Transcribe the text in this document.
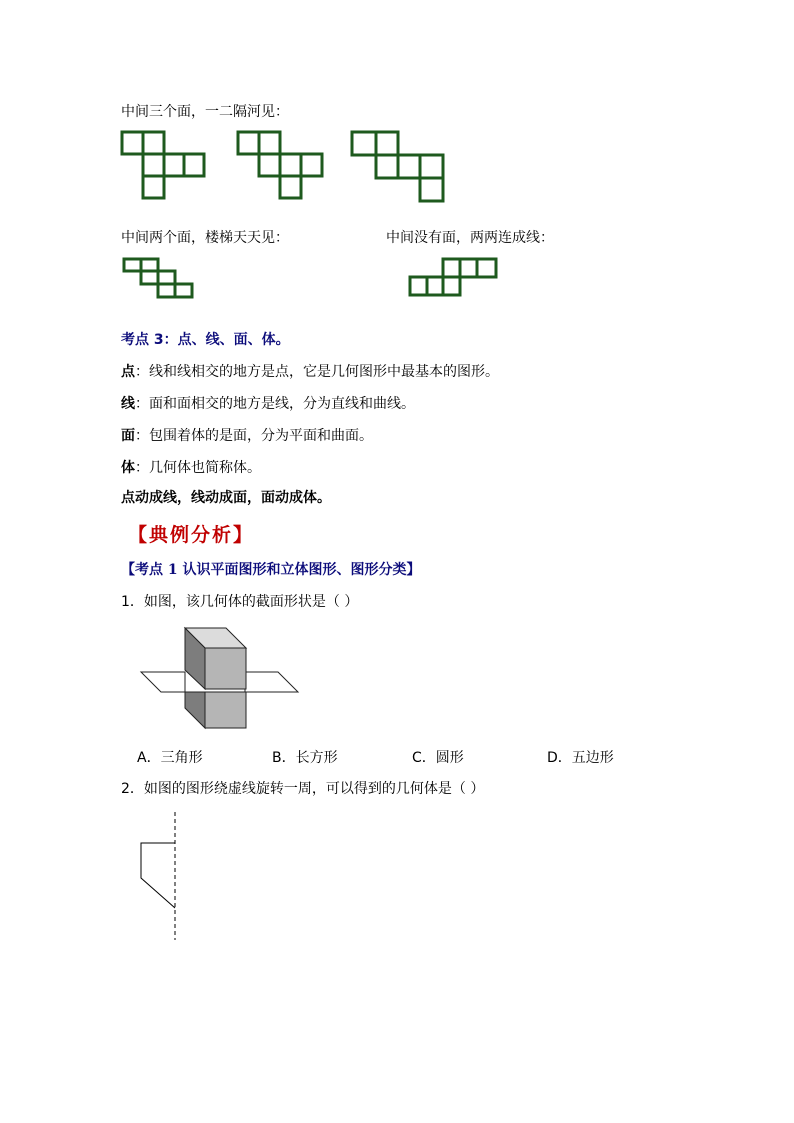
中间三个面，一二隔河见：
中间两个面，楼梯天天见：	中间没有面，两两连成线：
考点 3：点、线、面、体。
点：线和线相交的地方是点，它是几何图形中最基本的图形。
线：面和面相交的地方是线，分为直线和曲线。
面：包围着体的是面，分为平面和曲面。
体：几何体也简称体。
点动成线，线动成面，面动成体。
【典例分析】
【考点 1 认识平面图形和立体图形、图形分类】
1．如图，该几何体的截面形状是（ ）
A．三角形	B．长方形	C．圆形	D．五边形
2．如图的图形绕虚线旋转一周，可以得到的几何体是（ ）
